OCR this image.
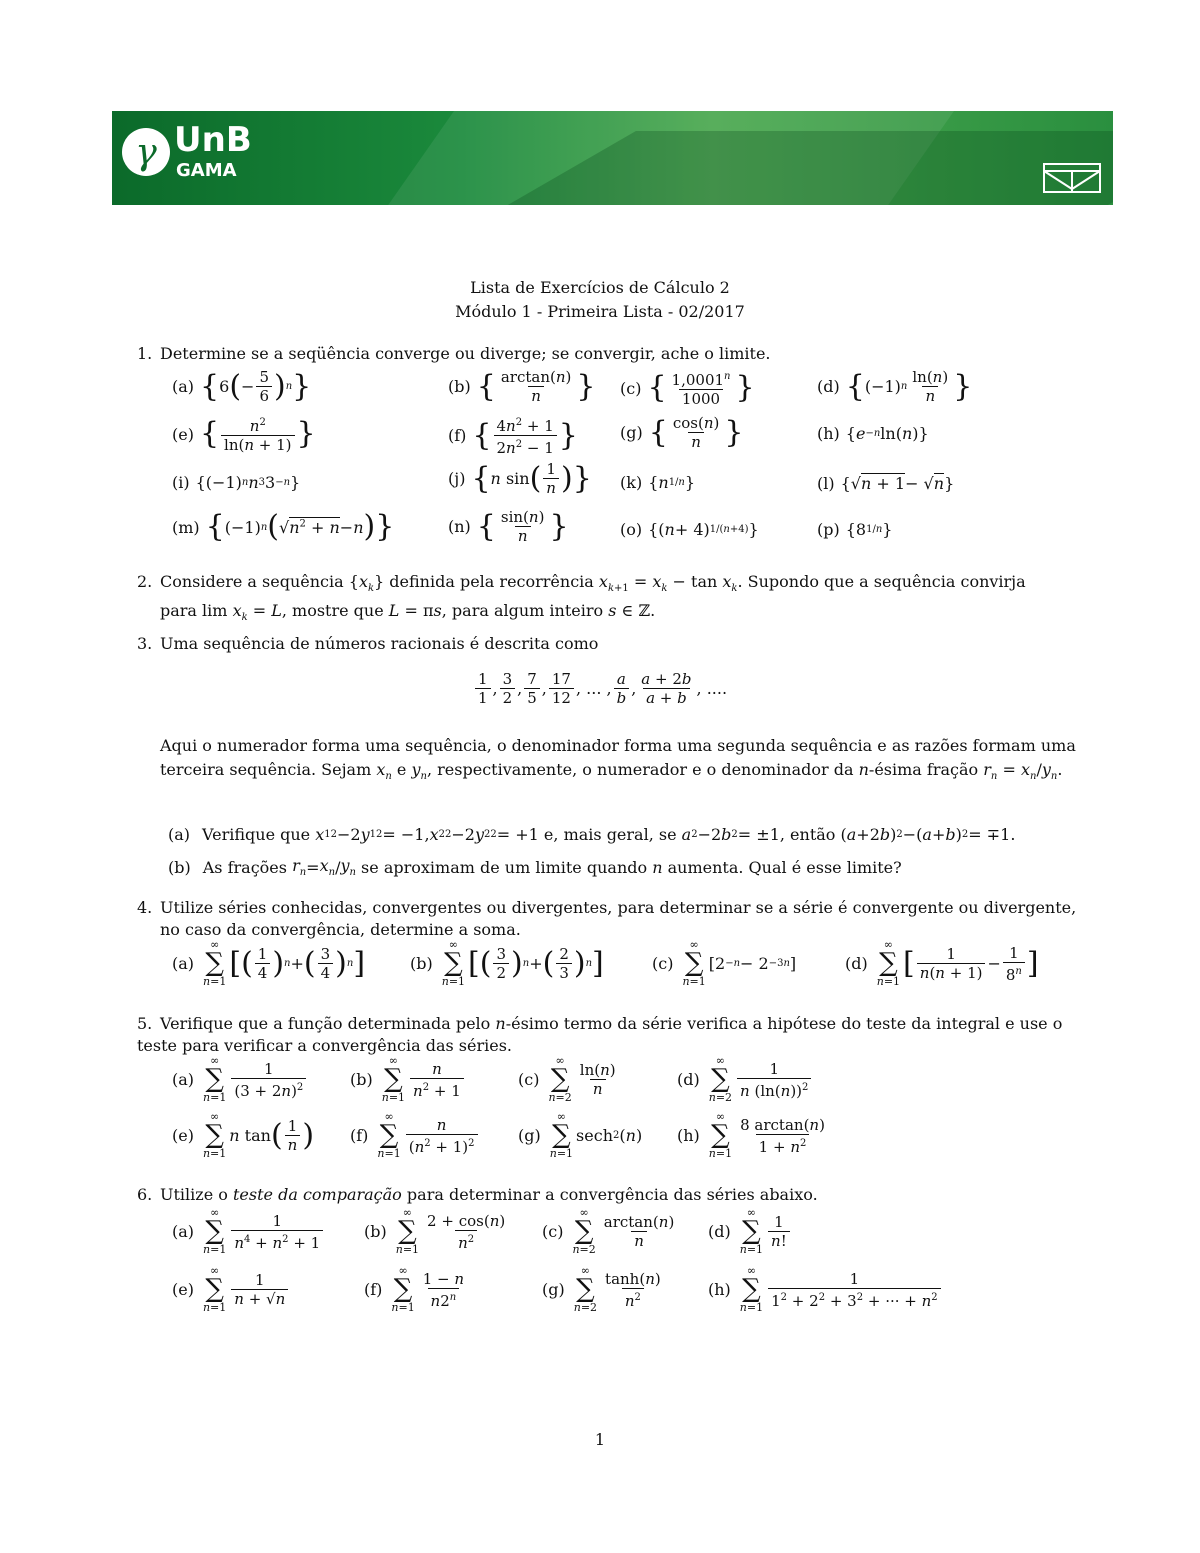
γ UnB
GAMA
Lista de Exercícios de Cálculo 2
Módulo 1 - Primeira Lista - 02/2017
1. Determine se a seqüência converge ou diverge; se convergir, ache o limite.
(a) { 6 ( − $\frac{5}{6}$ ) n }	(b) { $\frac{\arctan(n)}{n}$ } (c) { $\frac{1,0001^n}{1000}$ }	(d) { (−1) n $\frac{\ln(n)}{n}$ }
(e) { $\frac{n^2}{\ln(n + 1)}$ }	(f) { $\frac{4n^2 + 1}{2n^2 - 1}$ }	(g) { $\frac{\cos(n)}{n}$ }	(h) { e −n ln( n )}
(i) {(−1) n n 3 3 −n }	(j) { n sin ( $\frac{1}{n}$ ) } (k) { n 1/n }	(l) {√ n + 1 − √ n }
(m) { (−1) n ( √ $n^2 + n - n$ ) }	(n) { $\frac{\sin(n)}{n}$ }	(o) {( n + 4) 1/(n+4) }	(p) {8 1/n }
2. Considere a sequência $\{x_k\}$ definida pela recorrência $x_{k+1} = x_k - \tan x_k$. Supondo que a sequência convirja
para $\lim x_k = L$, mostre que L = πs, para algum inteiro s ∈ ℤ.
3. Uma sequência de números racionais é descrita como
$\frac{1}{1}$ , $\frac{3}{2}$ , $\frac{7}{5}$ , $\frac{17}{12}$ , ... , $\frac{a}{b}$ , $\frac{a + 2b}{a + b}$ , ....
Aqui o numerador forma uma sequência, o denominador forma uma segunda sequência e as razões formam uma terceira sequência. Sejam $x_n$ e $y_n$, respectivamente, o numerador e o denominador da n-ésima fração $r_n = x_n/y_n$.
(a) Verifique que
x 1 2 −2 y 1 2 = −1, x 2 2 −2 y 2 2 = +1 e, mais geral, se
a 2 −2 b 2 = ±1, então ( a +2 b ) 2 −( a + b ) 2 = ∓1.
(b) As frações
$r_n = x_n / y_n$
se aproximam de um limite quando
n
aumenta. Qual é esse limite?
4. Utilize séries conhecidas, convergentes ou divergentes, para determinar se a série é convergente ou divergente, no caso da convergência, determine a soma.
(a)
∞
∑
n=1
[ ( $\frac{1}{4}$ ) n + ( $\frac{3}{4}$ ) n ]	(b)
∞
∑
n=1
[ ( $\frac{3}{2}$ ) n + ( $\frac{2}{3}$ ) n ]	(c)
∞
∑
n=1
[2 −n − 2 −3n ]	(d)
∞
∑
n=1
[ $\frac{1}{n(n + 1)} - \frac{1}{8^n}$ ]
5. Verifique que a função determinada pelo n-ésimo termo da série verifica a hipótese do teste da integral e use o teste para verificar a convergência das séries.
(a)
∞
∑
$n=1 \frac{1}{(3 + 2n)^2}$	(b)
∞
∑
$n=1 \frac{n}{n^2 + 1}$	(c)
∞
∑
$n=2 \frac{\ln(n)}{n}$	(d)
∞
∑
$n=2 \frac{1}{n (\ln(n))^2}$
(e)
∞
∑
n=1
n tan ( $\frac{1}{n}$ ) (f)
∞
∑
$n=1 \frac{n}{(n^2 + 1)^2}$	(g)
∞
∑
n=1
sech 2 ( n ) (h)
∞
∑
$n=1 \frac{8 \arctan(n)}{1 + n^2}$
6. Utilize o teste da comparação para determinar a convergência das séries abaixo.
(a)
∞
∑
$n=1 \frac{1}{n^4 + n^2 + 1}$	(b)
∞
∑
$n=1 \frac{2 + \cos(n)}{n^2} (c)$
∞
∑
$n=2 \frac{\arctan(n)}{n} (d)$
∞
∑
$n=1 \frac{1}{n!}$
(e)
∞
∑
$n=1 \frac{1}{n + √n}$	(f)
∞
∑
$n=1 \frac{1 - n}{n2^n}$	(g)
∞
∑
$n=2 \frac{\tanh(n)}{n^2}$	(h)
∞
∑
$n=1 \frac{1}{1^2 + 2^2 + 3^2 + \cdot\cdot\cdot + n^2}$
1
